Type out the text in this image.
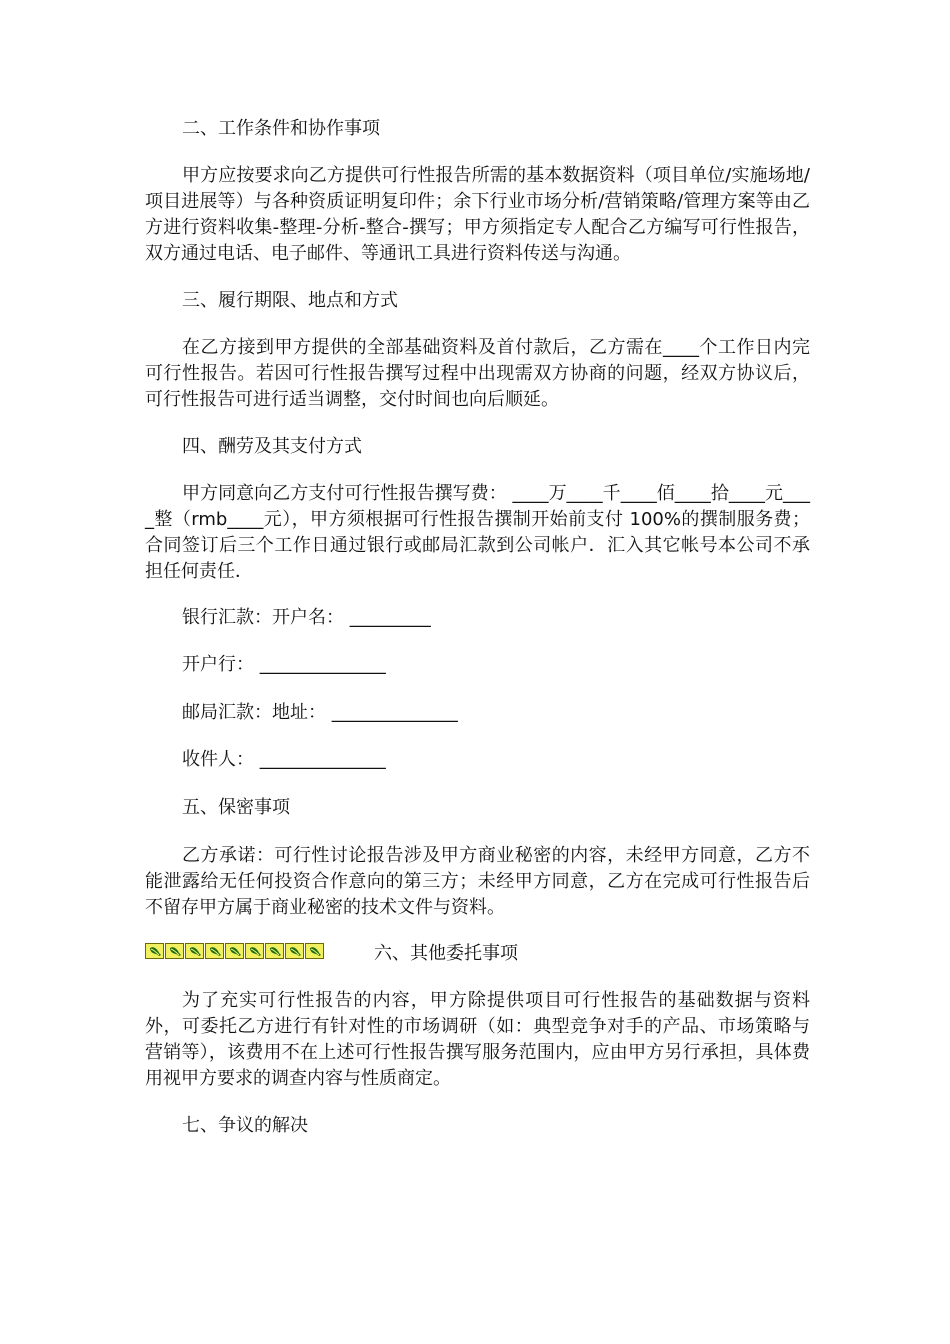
二、工作条件和协作事项
甲方应按要求向乙方提供可行性报告所需的基本数据资料（项目单位/实施场地/项目进展等）与各种资质证明复印件；余下行业市场分析/营销策略/管理方案等由乙方进行资料收集-整理-分析-整合-撰写；甲方须指定专人配合乙方编写可行性报告，双方通过电话、电子邮件、等通讯工具进行资料传送与沟通。
三、履行期限、地点和方式
在乙方接到甲方提供的全部基础资料及首付款后，乙方需在____个工作日内完可行性报告。若因可行性报告撰写过程中出现需双方协商的问题，经双方协议后，可行性报告可进行适当调整，交付时间也向后顺延。
四、酬劳及其支付方式
甲方同意向乙方支付可行性报告撰写费： ____万____千____佰____拾____元____整（rmb____元），甲方须根据可行性报告撰制开始前支付 100%的撰制服务费；合同签订后三个工作日通过银行或邮局汇款到公司帐户．汇入其它帐号本公司不承担任何责任．
银行汇款：开户名： _________
开户行： ______________
邮局汇款：地址： ______________
收件人： ______________
五、保密事项
乙方承诺：可行性讨论报告涉及甲方商业秘密的内容，未经甲方同意，乙方不能泄露给无任何投资合作意向的第三方；未经甲方同意，乙方在完成可行性报告后不留存甲方属于商业秘密的技术文件与资料。
六、其他委托事项
为了充实可行性报告的内容，甲方除提供项目可行性报告的基础数据与资料外，可委托乙方进行有针对性的市场调研（如：典型竞争对手的产品、市场策略与营销等），该费用不在上述可行性报告撰写服务范围内，应由甲方另行承担，具体费用视甲方要求的调查内容与性质商定。
七、争议的解决
